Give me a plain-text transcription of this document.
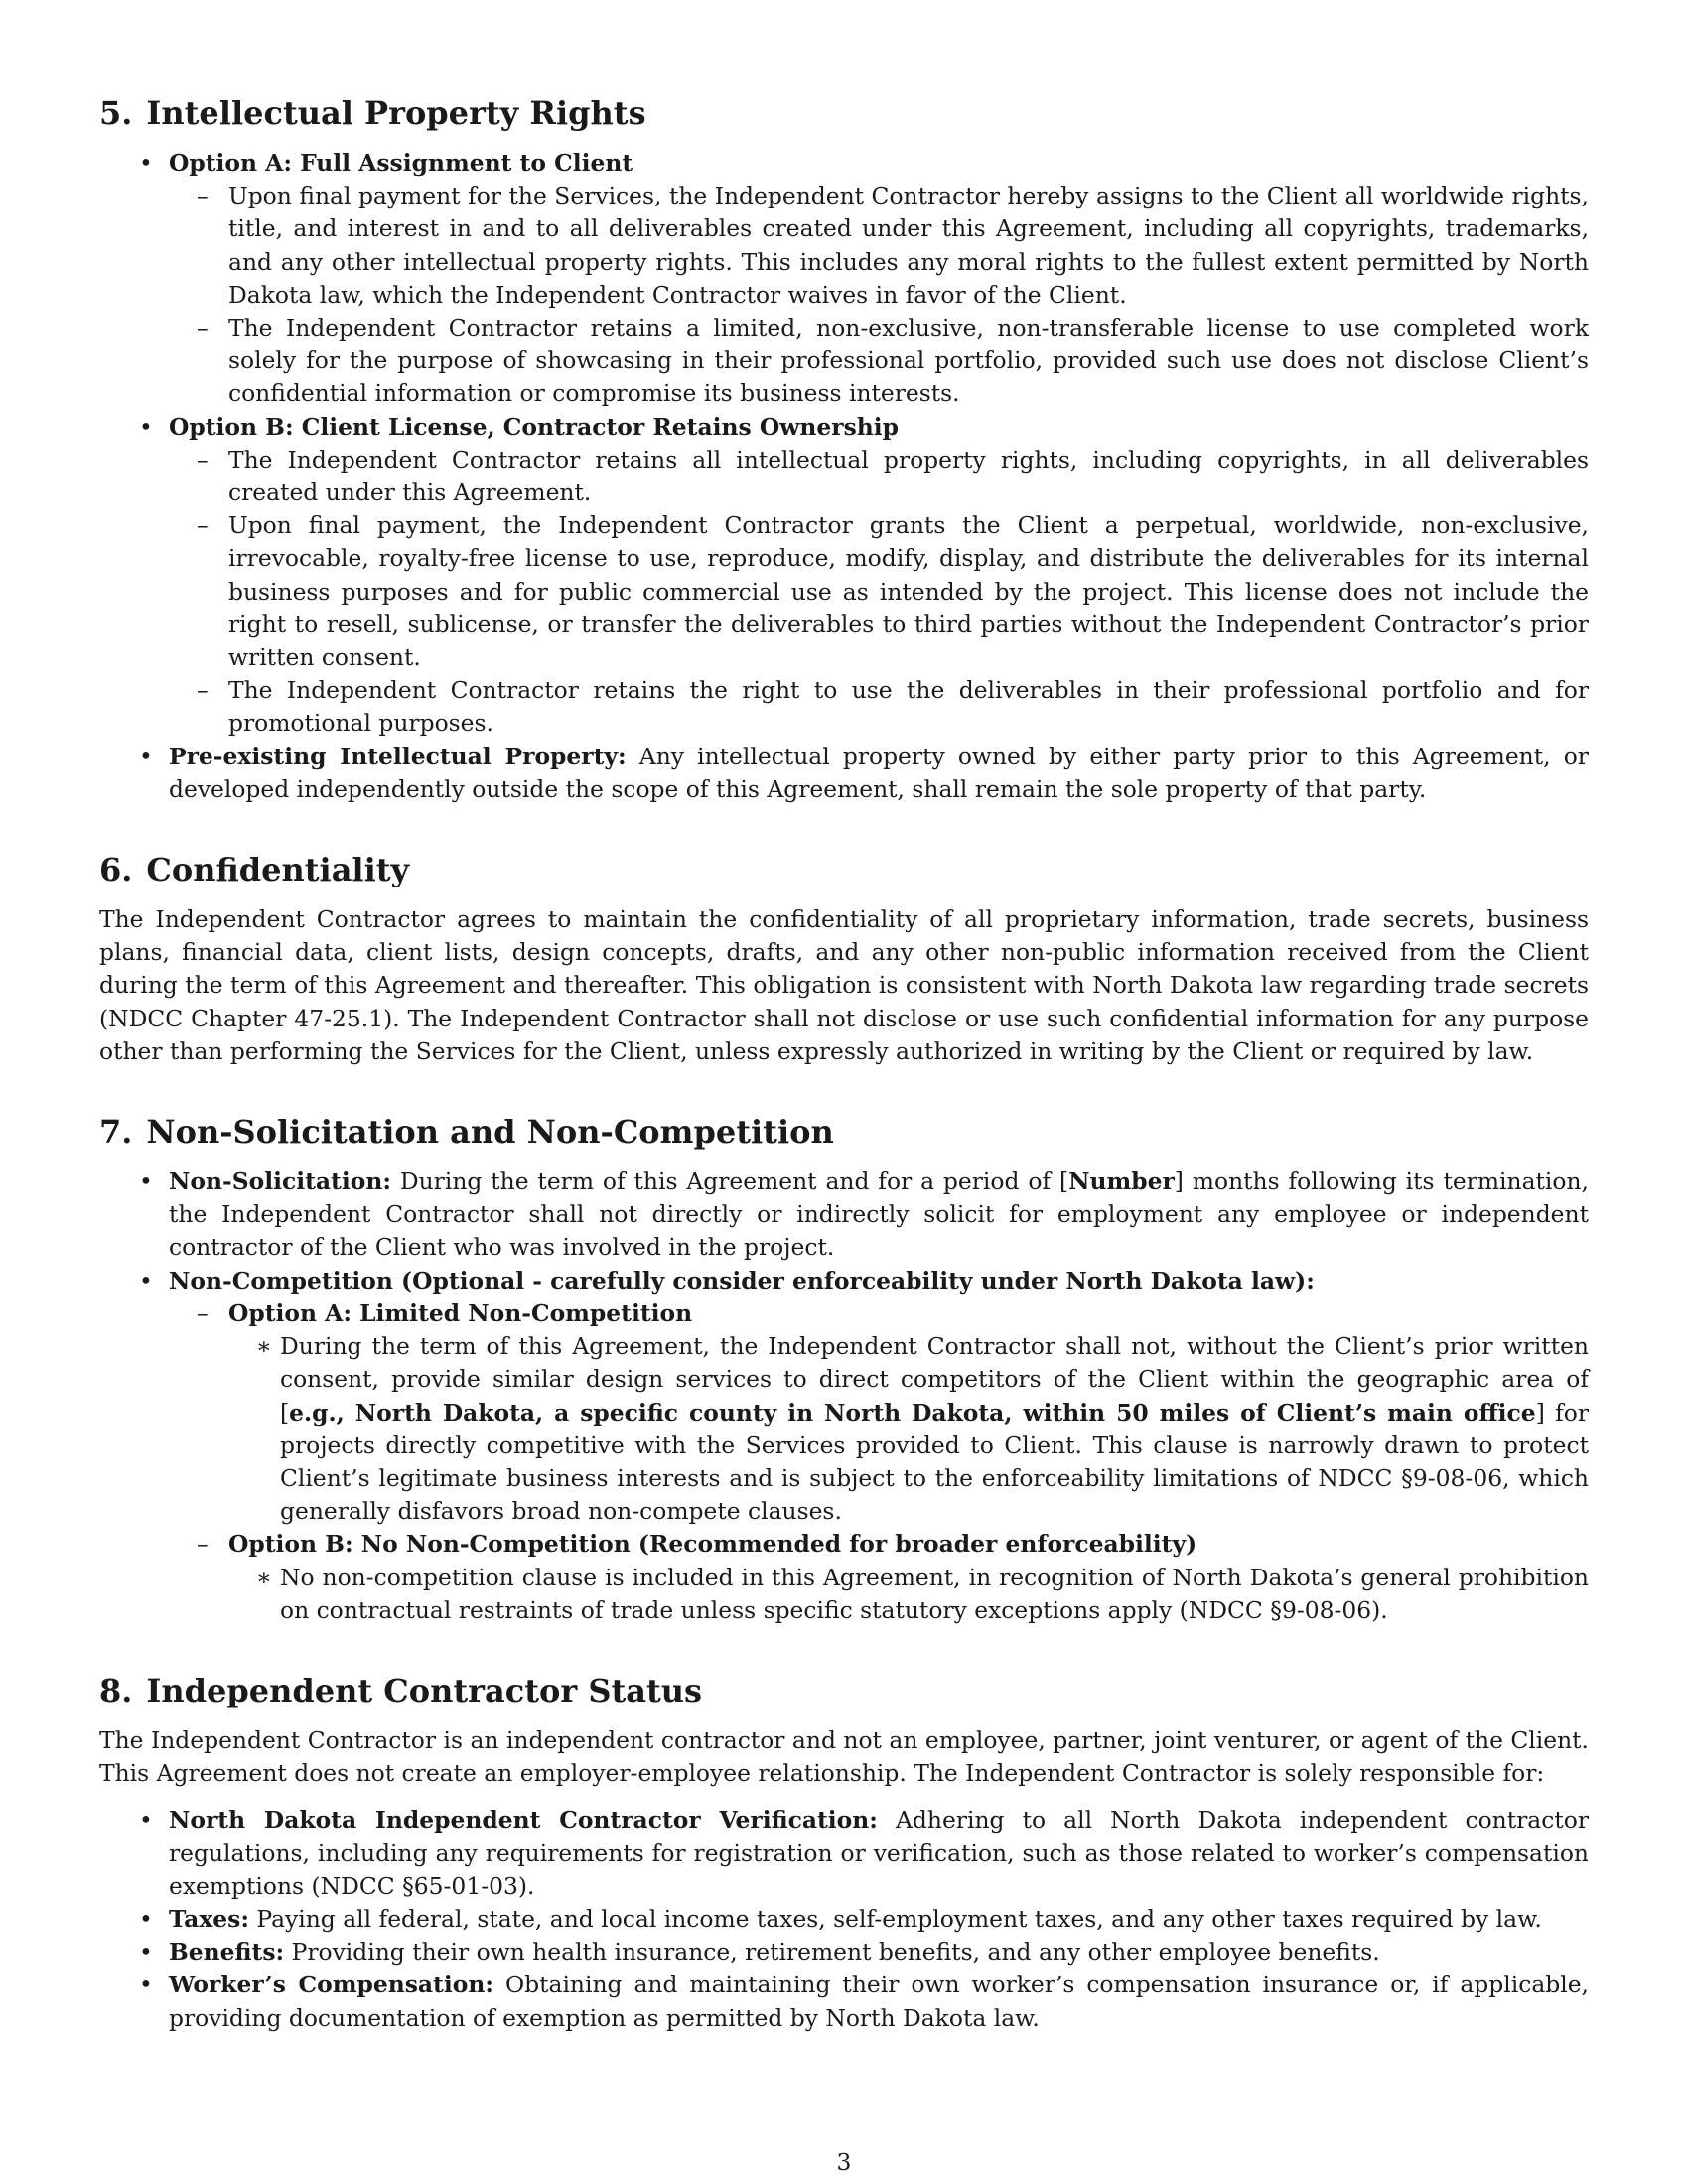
5. Intellectual Property Rights
• Option A: Full Assignment to Client
– Upon final payment for the Services, the Independent Contractor hereby assigns to the Client all worldwide rights, title, and interest in and to all deliverables created under this Agreement, including all copyrights, trademarks, and any other intellectual property rights. This includes any moral rights to the fullest extent permitted by North Dakota law, which the Independent Contractor waives in favor of the Client.
– The Independent Contractor retains a limited, non-exclusive, non-transferable license to use completed work solely for the purpose of showcasing in their professional portfolio, provided such use does not disclose Client’s confidential information or compromise its business interests.
• Option B: Client License, Contractor Retains Ownership
– The Independent Contractor retains all intellectual property rights, including copyrights, in all deliverables created under this Agreement.
– Upon final payment, the Independent Contractor grants the Client a perpetual, worldwide, non-exclusive, irrevocable, royalty-free license to use, reproduce, modify, display, and distribute the deliverables for its internal business purposes and for public commercial use as intended by the project. This license does not include the right to resell, sublicense, or transfer the deliverables to third parties without the Independent Contractor’s prior written consent.
– The Independent Contractor retains the right to use the deliverables in their professional portfolio and for promotional purposes.
• Pre-existing Intellectual Property: Any intellectual property owned by either party prior to this Agreement, or developed independently outside the scope of this Agreement, shall remain the sole property of that party.
6. Confidentiality

The Independent Contractor agrees to maintain the confidentiality of all proprietary information, trade secrets, business plans, financial data, client lists, design concepts, drafts, and any other non-public information received from the Client during the term of this Agreement and thereafter. This obligation is consistent with North Dakota law regarding trade secrets (NDCC Chapter 47-25.1). The Independent Contractor shall not disclose or use such confidential information for any purpose other than performing the Services for the Client, unless expressly authorized in writing by the Client or required by law.

7. Non-Solicitation and Non-Competition
• Non-Solicitation: During the term of this Agreement and for a period of [Number] months following its termination, the Independent Contractor shall not directly or indirectly solicit for employment any employee or independent contractor of the Client who was involved in the project.
• Non-Competition (Optional - carefully consider enforceability under North Dakota law):
– Option A: Limited Non-Competition
∗ During the term of this Agreement, the Independent Contractor shall not, without the Client’s prior written consent, provide similar design services to direct competitors of the Client within the geographic area of [e.g., North Dakota, a specific county in North Dakota, within 50 miles of Client’s main office] for projects directly competitive with the Services provided to Client. This clause is narrowly drawn to protect Client’s legitimate business interests and is subject to the enforceability limitations of NDCC §9-08-06, which generally disfavors broad non-compete clauses.
– Option B: No Non-Competition (Recommended for broader enforceability)
∗ No non-competition clause is included in this Agreement, in recognition of North Dakota’s general prohibition on contractual restraints of trade unless specific statutory exceptions apply (NDCC §9-08-06).
8. Independent Contractor Status

The Independent Contractor is an independent contractor and not an employee, partner, joint venturer, or agent of the Client. This Agreement does not create an employer-employee relationship. The Independent Contractor is solely responsible for:

• North Dakota Independent Contractor Verification: Adhering to all North Dakota independent contractor regulations, including any requirements for registration or verification, such as those related to worker’s compensation exemptions (NDCC §65-01-03).
• Taxes: Paying all federal, state, and local income taxes, self-employment taxes, and any other taxes required by law.
• Benefits: Providing their own health insurance, retirement benefits, and any other employee benefits.
• Worker’s Compensation: Obtaining and maintaining their own worker’s compensation insurance or, if applicable, providing documentation of exemption as permitted by North Dakota law.
3
